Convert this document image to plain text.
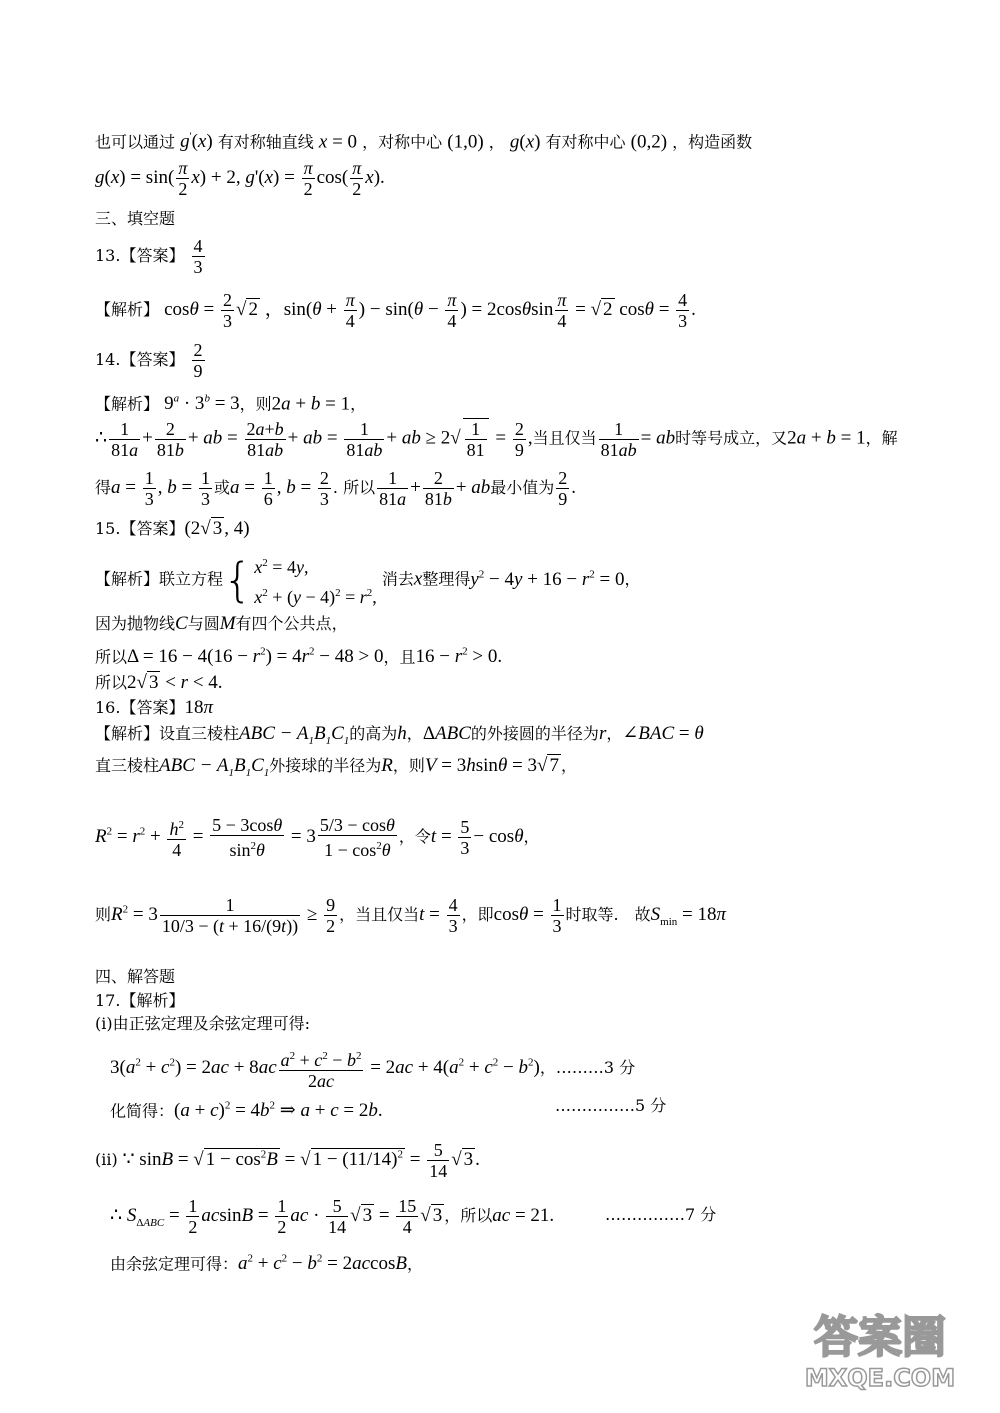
也可以通过 g'(x) 有对称轴直线 x = 0 ，对称中心 (1,0) ， g(x) 有对称中心 (0,2) ，构造函数
$g(x) = \sin( \frac{\pi}{2} x) + 2$, $g'(x) = \frac{\pi}{2} \cos( \frac{\pi}{2} x)$.
三、填空题
13.【答案】 $\frac{4}{3}$
【解析】 $\cos\theta = \frac{2}{3}$ √ 2 ，$\sin(\theta + \frac{\pi}{4}$ ) − $\sin(\theta - \frac{\pi}{4}$ ) = $2\cos\theta\sin \frac{\pi}{4}$ = √ 2 $\cos\theta = \frac{4}{3}$ .
14.【答案】 $\frac{2}{9}$
【解析】 $9^a \cdot 3^b = 3$，则2a + b = 1，
∴ $\frac{1}{81a} + \frac{2}{81b}$ + ab = $\frac{2a+b}{81ab}$ + ab = $\frac{1}{81ab}$ + ab ≥ $2√ \frac{1}{81} = \frac{2}{9}$ ,当且仅当 $\frac{1}{81ab}$ = ab时等号成立，又2a + b = 1，解
得$a = \frac{1}{3}$ , $b = \frac{1}{3}$ 或$a = \frac{1}{6}$ , $b = \frac{2}{3}$ . 所以 $\frac{1}{81a} + \frac{2}{81b}$ + ab最小值为 $\frac{2}{9}$ .
15.【答案】(2√ 3 , 4)
【解析】联立方程{ $x^2 = 4y$,
$x^2 + (y - 4)^2 = r^2$,
消去x整理得$y^2 - 4y + 16 - r^2 = 0$，
因为抛物线C与圆M有四个公共点，
所以$\Delta = 16 - 4(16 - r^2) = 4r^2 - 48 > 0$，且$16 - r^2 > 0$.
所以2√ 3 < r < 4.
16.【答案】18π
【解析】设直三棱柱ABC − $A_1B_1C_1$的高为h，ΔABC的外接圆的半径为r，∠BAC = θ
直三棱柱ABC − $A_1B_1C_1$外接球的半径为R，则V = 3hsinθ = 3√ 7 ，
$R^2 = r^2 + \frac{h^2}{4} = \frac{5 - 3\cos\theta}{\sin^2\theta} = 3 \frac{5/3 - \cos\theta}{1 - \cos^2\theta}$ ，令$t = \frac{5}{3} - \cos\theta$，
则$R^2 = 3 \frac{1}{10/3 - (t + 16/(9t))} \ge \frac{9}{2}$ ，当且仅当$t = \frac{4}{3}$ ，即$\cos\theta = \frac{1}{3}$ 时取等.　故$S_{min} = 18\pi$
四、解答题
17.【解析】
(ⅰ)由正弦定理及余弦定理可得:
$3(a^2 + c^2) = 2ac + 8ac \frac{a^2 + c^2 - b^2}{2ac} = 2ac + 4(a^2 + c^2 - b^2)$，………3 分
化简得：$(a + c)^2 = 4b^2$ ⇒ a + c = 2b.	……………5 分
(ⅱ) ∵ sinB = √ $1 - \cos^2B$ = √ $1 - (11/14)^2 = \frac{5}{14}$ √ 3 .
∴ $S_{\Delta ABC} = \frac{1}{2}$ $acsinB = \frac{1}{2}$ ac · $\frac{5}{14}$ √ $3 = \frac{15}{4}$ √ 3 ，所以ac = 21.	……………7 分
由余弦定理可得：$a^2 + c^2 - b^2 = 2accosB$，
答案圈
MXQE.COM
